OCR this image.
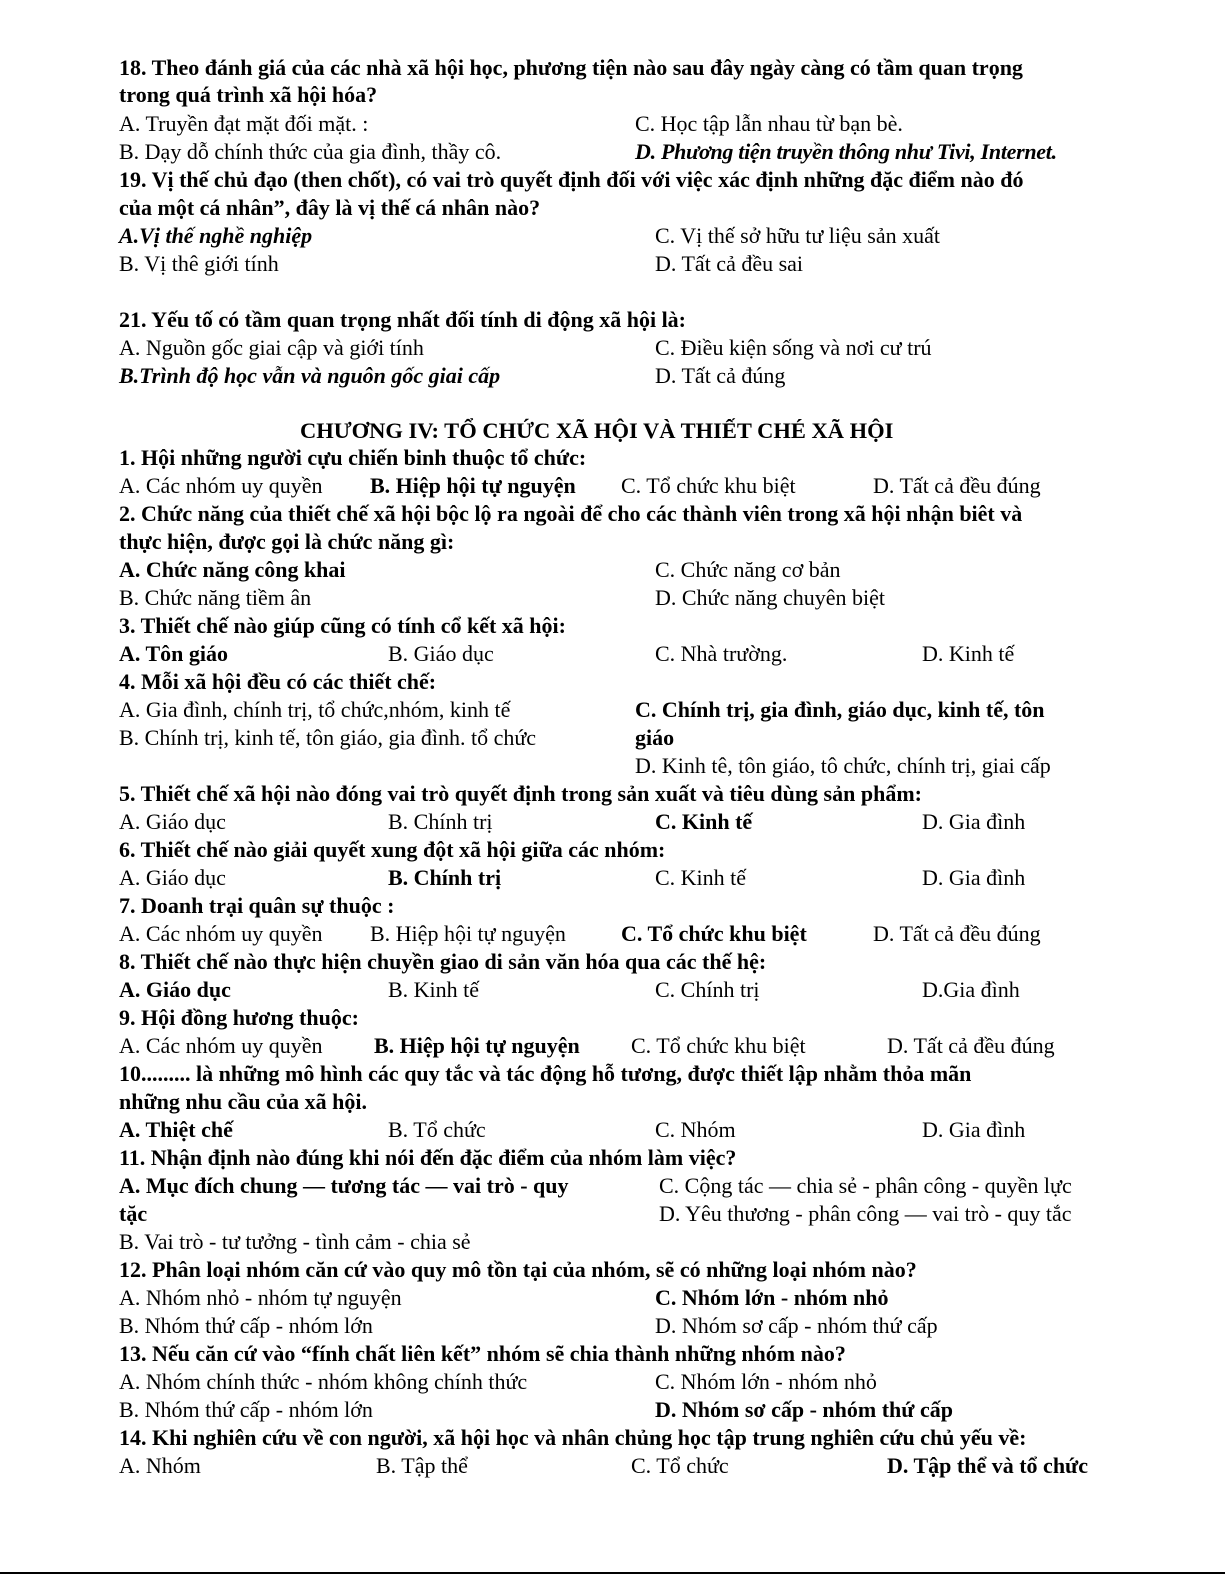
18. Theo đánh giá của các nhà xã hội học, phương tiện nào sau đây ngày càng có tầm quan trọng
trong quá trình xã hội hóa?
A. Truyền đạt mặt đối mặt. :	C. Học tập lẫn nhau từ bạn bè.
B. Dạy dỗ chính thức của gia đình, thầy cô.	D. Phương tiện truyền thông như Tivi, Internet.
19. Vị thế chủ đạo (then chốt), có vai trò quyết định đối với việc xác định những đặc điểm nào đó
của một cá nhân”, đây là vị thế cá nhân nào?
A.Vị thế nghề nghiệp	C. Vị thế sở hữu tư liệu sản xuất
B. Vị thê giới tính	D. Tất cả đều sai
21. Yếu tố có tầm quan trọng nhất đối tính di động xã hội là:
A. Nguồn gốc giai cập và giới tính	C. Điều kiện sống và nơi cư trú
B.Trình độ học vẫn và nguôn gốc giai cấp	D. Tất cả đúng
CHƯƠNG IV: TỔ CHỨC XÃ HỘI VÀ THIẾT CHÉ XÃ HỘI
1. Hội những người cựu chiến binh thuộc tổ chức:
A. Các nhóm uy quyền B. Hiệp hội tự nguyện C. Tổ chức khu biệt	D. Tất cả đều đúng
2. Chức năng của thiết chế xã hội bộc lộ ra ngoài để cho các thành viên trong xã hội nhận biêt và
thực hiện, được gọi là chức năng gì:
A. Chức năng công khai	C. Chức năng cơ bản
B. Chức năng tiềm ân	D. Chức năng chuyên biệt
3. Thiết chế nào giúp cũng có tính cổ kết xã hội:
A. Tôn giáo	B. Giáo dục	C. Nhà trường.	D. Kinh tế
4. Mỗi xã hội đều có các thiết chế:
A. Gia đình, chính trị, tổ chức,nhóm, kinh tế	C. Chính trị, gia đình, giáo dục, kinh tế, tôn
B. Chính trị, kinh tế, tôn giáo, gia đình. tổ chức	giáo
D. Kinh tê, tôn giáo, tô chức, chính trị, giai cấp
5. Thiết chế xã hội nào đóng vai trò quyết định trong sản xuất và tiêu dùng sản phẩm:
A. Giáo dục	B. Chính trị	C. Kinh tế	D. Gia đình
6. Thiết chế nào giải quyết xung đột xã hội giữa các nhóm:
A. Giáo dục	B. Chính trị	C. Kinh tế	D. Gia đình
7. Doanh trại quân sự thuộc :
A. Các nhóm uy quyền B. Hiệp hội tự nguyện	C. Tổ chức khu biệt	D. Tất cả đều đúng
8. Thiết chế nào thực hiện chuyền giao di sản văn hóa qua các thế hệ:
A. Giáo dục	B. Kinh tế	C. Chính trị	D.Gia đình
9. Hội đồng hương thuộc:
A. Các nhóm uy quyền B. Hiệp hội tự nguyện C. Tổ chức khu biệt	D. Tất cả đều đúng
10......... là những mô hình các quy tắc và tác động hỗ tương, được thiết lập nhằm thỏa mãn
những nhu cầu của xã hội.
A. Thiệt chế	B. Tổ chức	C. Nhóm	D. Gia đình
11. Nhận định nào đúng khi nói đến đặc điểm của nhóm làm việc?
A. Mục đích chung — tương tác — vai trò - quy	C. Cộng tác — chia sẻ - phân công - quyền lực
tặc	D. Yêu thương - phân công — vai trò - quy tắc
B. Vai trò - tư tưởng - tình cảm - chia sẻ
12. Phân loại nhóm căn cứ vào quy mô tồn tại của nhóm, sẽ có những loại nhóm nào?
A. Nhóm nhỏ - nhóm tự nguyện	C. Nhóm lớn - nhóm nhỏ
B. Nhóm thứ cấp - nhóm lớn	D. Nhóm sơ cấp - nhóm thứ cấp
13. Nếu căn cứ vào “fính chất liên kết” nhóm sẽ chia thành những nhóm nào?
A. Nhóm chính thức - nhóm không chính thức	C. Nhóm lớn - nhóm nhỏ
B. Nhóm thứ cấp - nhóm lớn	D. Nhóm sơ cấp - nhóm thứ cấp
14. Khi nghiên cứu về con người, xã hội học và nhân chủng học tập trung nghiên cứu chủ yếu về:
A. Nhóm	B. Tập thể	C. Tổ chức	D. Tập thể và tổ chức
